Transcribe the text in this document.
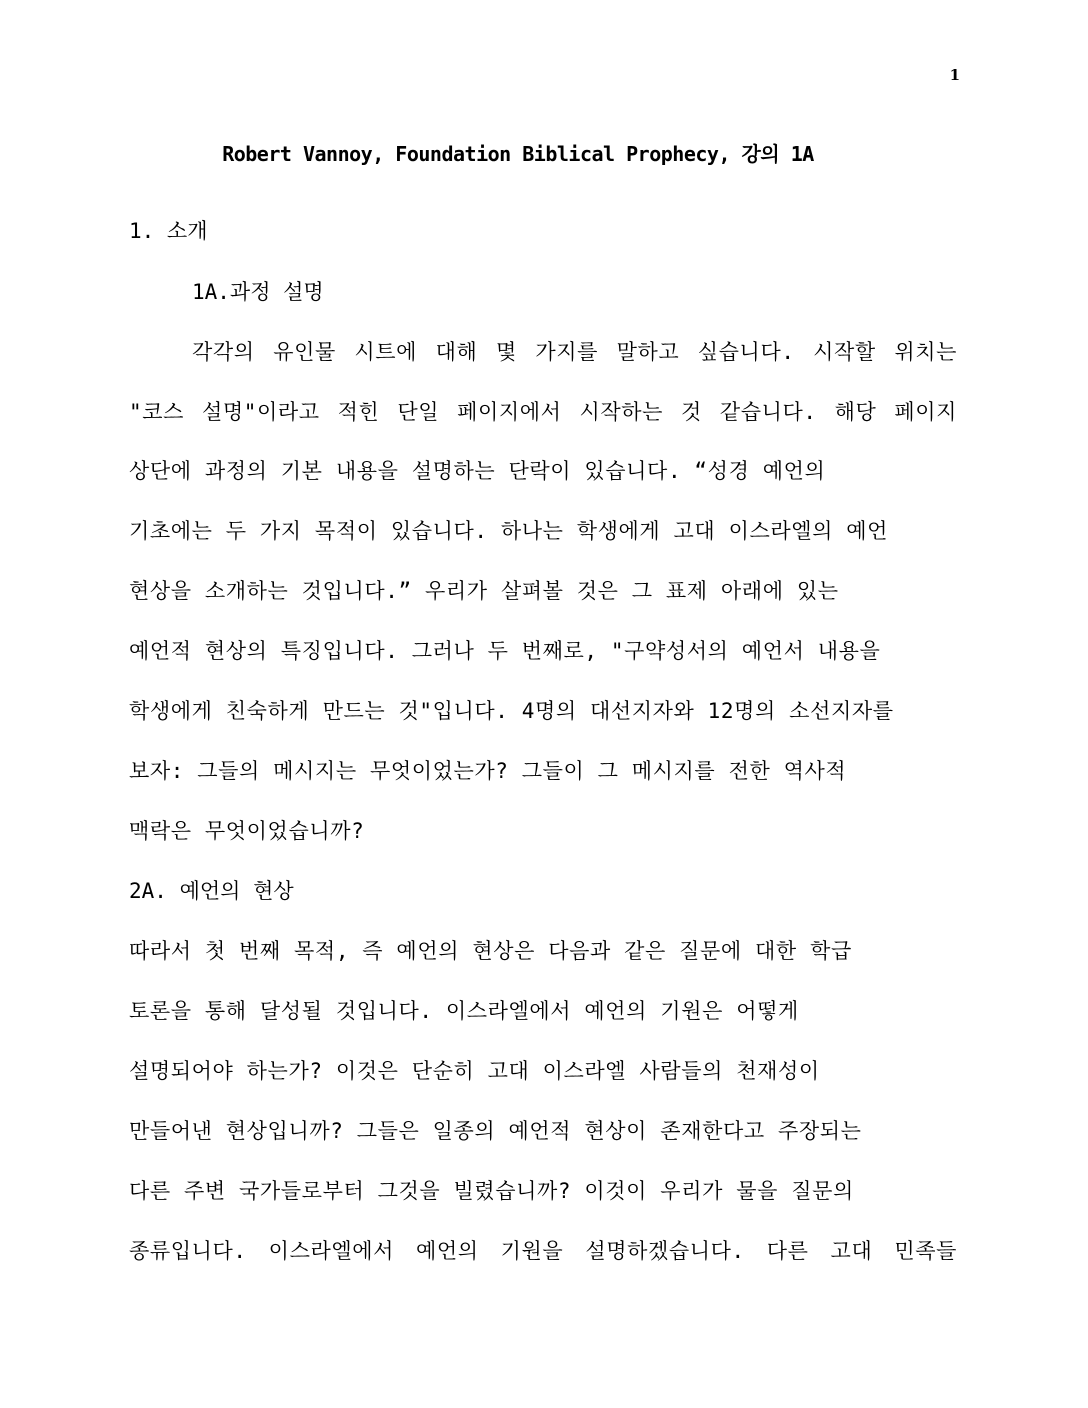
1
Robert Vannoy, Foundation Biblical Prophecy, 강의 1A
1. 소개
1A.과정 설명
각각의 유인물 시트에 대해 몇 가지를 말하고 싶습니다. 시작할 위치는
"코스 설명"이라고 적힌 단일 페이지에서 시작하는 것 같습니다. 해당 페이지
상단에 과정의 기본 내용을 설명하는 단락이 있습니다. “성경 예언의
기초에는 두 가지 목적이 있습니다. 하나는 학생에게 고대 이스라엘의 예언
현상을 소개하는 것입니다.” 우리가 살펴볼 것은 그 표제 아래에 있는
예언적 현상의 특징입니다. 그러나 두 번째로, "구약성서의 예언서 내용을
학생에게 친숙하게 만드는 것"입니다. 4명의 대선지자와 12명의 소선지자를
보자: 그들의 메시지는 무엇이었는가? 그들이 그 메시지를 전한 역사적
맥락은 무엇이었습니까?
2A. 예언의 현상
따라서 첫 번째 목적, 즉 예언의 현상은 다음과 같은 질문에 대한 학급
토론을 통해 달성될 것입니다. 이스라엘에서 예언의 기원은 어떻게
설명되어야 하는가? 이것은 단순히 고대 이스라엘 사람들의 천재성이
만들어낸 현상입니까? 그들은 일종의 예언적 현상이 존재한다고 주장되는
다른 주변 국가들로부터 그것을 빌렸습니까? 이것이 우리가 물을 질문의
종류입니다. 이스라엘에서 예언의 기원을 설명하겠습니다. 다른 고대 민족들
